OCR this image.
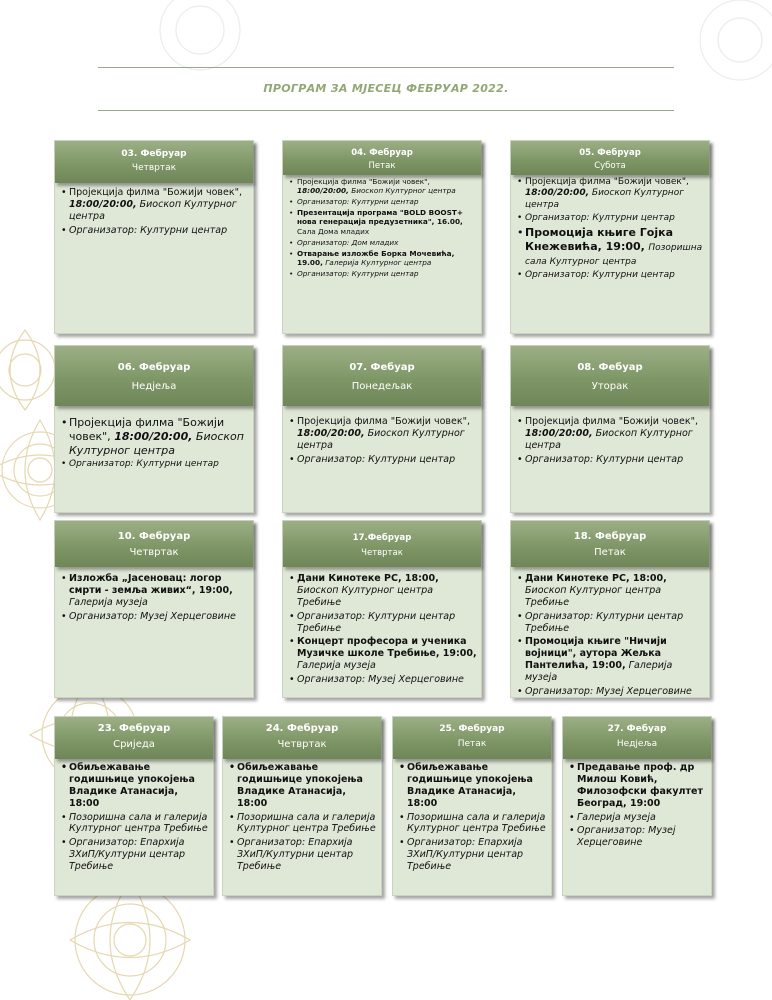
ПРОГРАМ ЗА МЈЕСЕЦ ФЕБРУАР 2022.
03. Фебруар
Четвртак
• Пројекција филма "Божији човек", 18:00/20:00, Биоскоп Културног центра
• Организатор: Културни центар
04. Фебруар
Петак
• Пројекција филма "Божији човек", 18:00/20:00, Биоскоп Културног центра
• Организатор: Културни центар
• Презентација програма "BOLD BOOST+ нова генерација предузетника", 16.00, Сала Дома младих
• Организатор: Дом младих
• Отварање изложбе Борка Мочевића, 19.00, Галерија Културног центра
• Организатор: Културни центар
05. Фебруар
Субота
• Пројекција филма "Божији човек", 18:00/20:00, Биоскоп Културног центра
• Организатор: Културни центар
• Промоција књиге Гојка Кнежевића, 19:00, Позоришна сала Културног центра
• Организатор: Културни центар
06. Фебруар
Недјеља
• Пројекција филма "Божији човек", 18:00/20:00, Биоскоп Културног центра
• Организатор: Културни центар
07. Фебуар
Понедељак
• Пројекција филма "Божији човек", 18:00/20:00, Биоскоп Културног центра
• Организатор: Културни центар
08. Фебуар
Уторак
• Пројекција филма "Божији човек", 18:00/20:00, Биоскоп Културног центра
• Организатор: Културни центар
10. Фебруар
Четвртак
• Изложба „Јасеновац: логор смрти - земља живих“, 19:00, Галерија музеја
• Организатор: Музеј Херцеговине
17.Фебруар
Четвртак
• Дани Кинотеке РС, 18:00, Биоскоп Културног центра Требиње
• Организатор: Културни центар Требиње
• Концерт професора и ученика Музичке школе Требиње, 19:00, Галерија музеја
• Организатор: Музеј Херцеговине
18. Фебруар
Петак
• Дани Кинотеке РС, 18:00, Биоскоп Културног центра Требиње
• Организатор: Културни центар Требиње
• Промоција књиге "Ничији војници", аутора Жељка Пантелића, 19:00, Галерија музеја
• Организатор: Музеј Херцеговине
23. Фебруар
Сриједа
• Обиљежавање годишњице упокојења Владике Атанасија, 18:00
• Позоришна сала и галерија Културног центра Требиње
• Организатор: Епархија ЗХиП/Културни центар Требиње
24. Фебруар
Четвртак
• Обиљежавање годишњице упокојења Владике Атанасија, 18:00
• Позоришна сала и галерија Културног центра Требиње
• Организатор: Епархија ЗХиП/Културни центар Требиње
25. Фебруар
Петак
• Обиљежавање годишњице упокојења Владике Атанасија, 18:00
• Позоришна сала и галерија Културног центра Требиње
• Организатор: Епархија ЗХиП/Културни центар Требиње
27. Фебуар
Недјеља
• Предавање проф. др Милош Ковић, Филозофски факултет Београд, 19:00
• Галерија музеја
• Организатор: Музеј Херцеговине
